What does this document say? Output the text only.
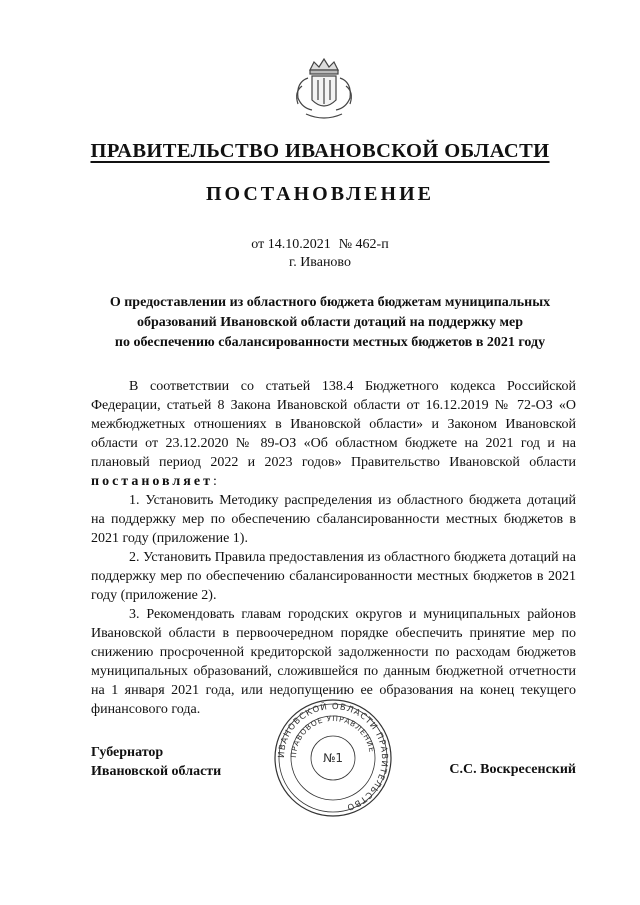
ПРАВИТЕЛЬСТВО ИВАНОВСКОЙ ОБЛАСТИ
ПОСТАНОВЛЕНИЕ
от 14.10.2021 № 462-п
г. Иваново
О предоставлении из областного бюджета бюджетам муниципальных
образований Ивановской области дотаций на поддержку мер
по обеспечению сбалансированности местных бюджетов в 2021 году

В соответствии со статьей 138.4 Бюджетного кодекса Российской Федерации, статьей 8 Закона Ивановской области от 16.12.2019 № 72-ОЗ «О межбюджетных отношениях в Ивановской области» и Законом Ивановской области от 23.12.2020 № 89-ОЗ «Об областном бюджете на 2021 год и на плановый период 2022 и 2023 годов» Правительство Ивановской области постановляет:

1. Установить Методику распределения из областного бюджета дотаций на поддержку мер по обеспечению сбалансированности местных бюджетов в 2021 году (приложение 1).

2. Установить Правила предоставления из областного бюджета дотаций на поддержку мер по обеспечению сбалансированности местных бюджетов в 2021 году (приложение 2).

3. Рекомендовать главам городских округов и муниципальных районов Ивановской области в первоочередном порядке обеспечить принятие мер по снижению просроченной кредиторской задолженности по расходам бюджетов муниципальных образований, сложившейся по данным бюджетной отчетности на 1 января 2021 года, или недопущению ее образования на конец текущего финансового года.

Губернатор
Ивановской области	С.С. Воскресенский
ИВАНОВСКОЙ ОБЛАСТИ ПРАВИТЕЛЬСТВО
ПРАВОВОЕ УПРАВЛЕНИЕ
№1
